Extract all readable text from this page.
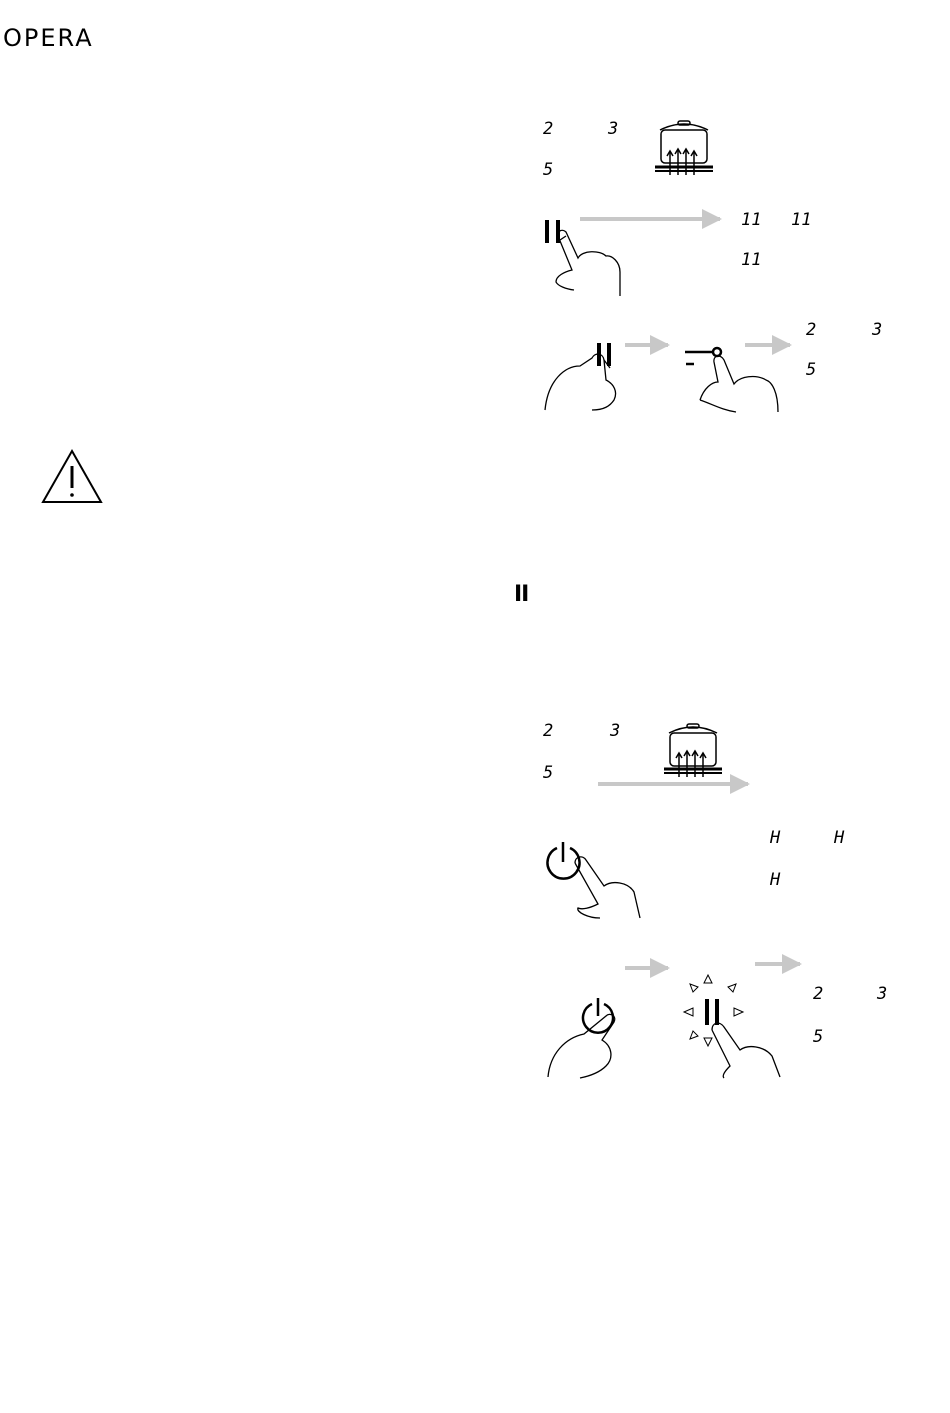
OPERA
2	3
5
11 11
11
2	3
5
II
2	3
5
H	H
H
2	3
5
